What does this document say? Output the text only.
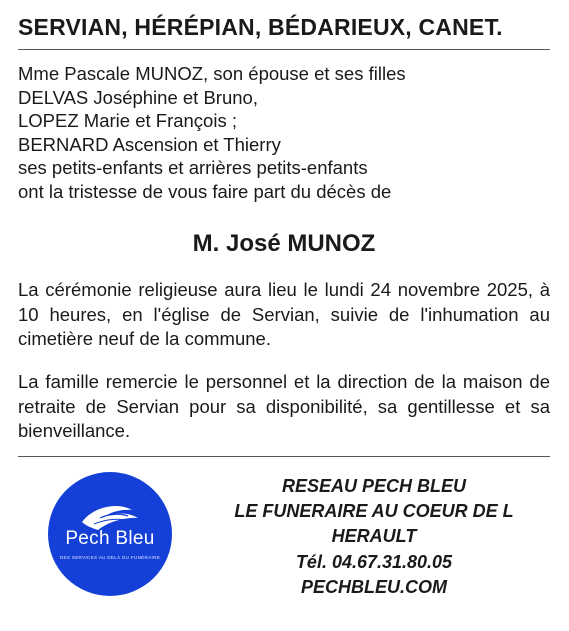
SERVIAN, HÉRÉPIAN, BÉDARIEUX, CANET.
Mme Pascale MUNOZ, son épouse et ses filles
DELVAS Joséphine et Bruno,
LOPEZ Marie et François ;
BERNARD Ascension et Thierry
ses petits-enfants et arrières petits-enfants
ont la tristesse de vous faire part du décès de
M. José MUNOZ
La cérémonie religieuse aura lieu le lundi 24 novembre 2025, à 10 heures, en l'église de Servian, suivie de l'inhumation au cimetière neuf de la commune.
La famille remercie le personnel et la direction de la maison de retraite de Servian pour sa disponibilité, sa gentillesse et sa bienveillance.
Pech Bleu
DES SERVICES AU DELÀ DU FUNÉRAIRE
RESEAU PECH BLEU
LE FUNERAIRE AU COEUR DE L
HERAULT
Tél. 04.67.31.80.05
PECHBLEU.COM
